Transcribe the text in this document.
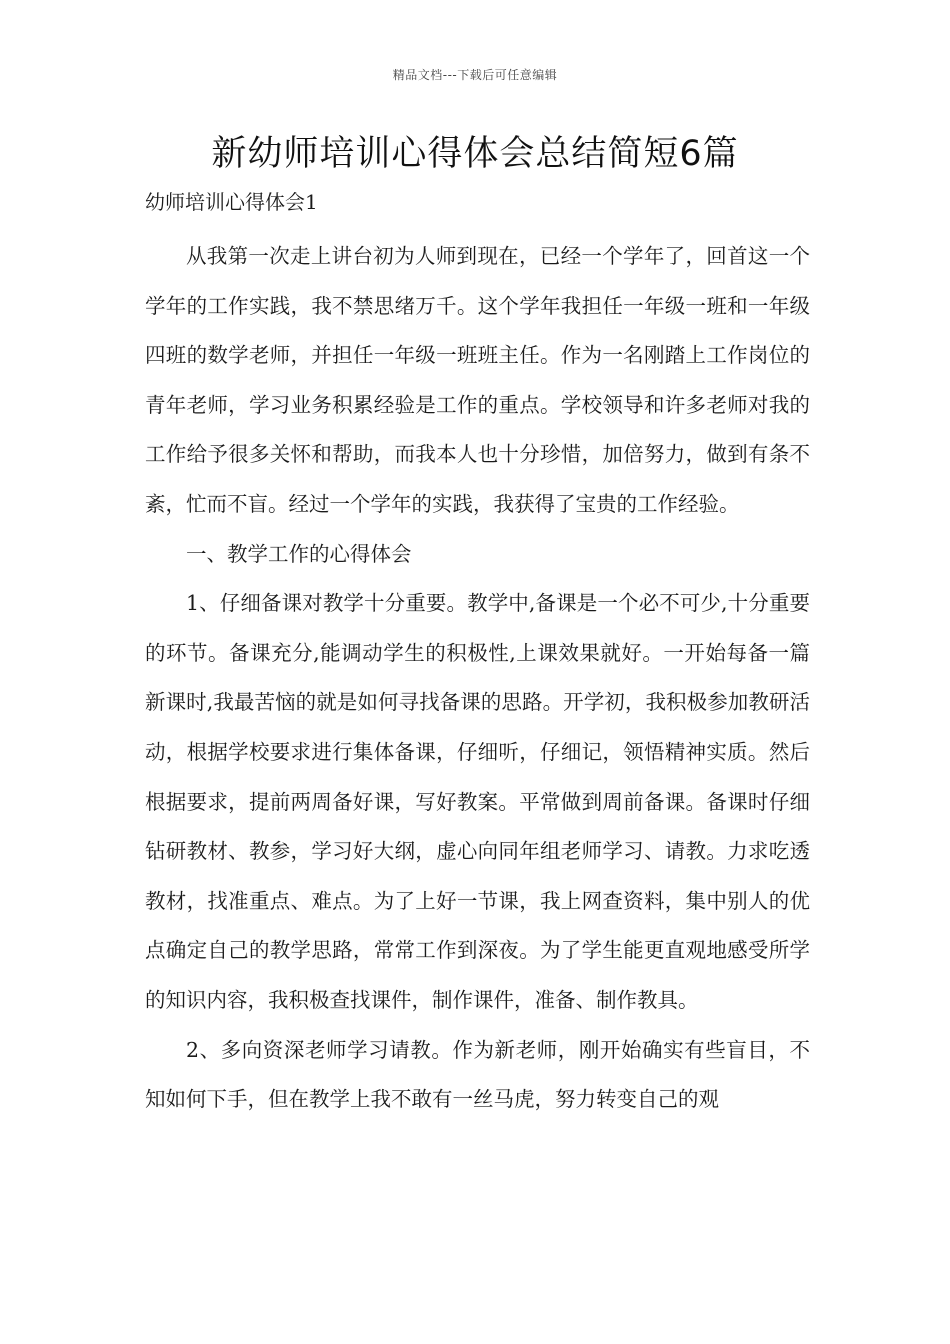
精品文档---下载后可任意编辑
新幼师培训心得体会总结简短6篇
幼师培训心得体会1

从我第一次走上讲台初为人师到现在，已经一个学年了，回首这一个学年的工作实践，我不禁思绪万千。这个学年我担任一年级一班和一年级四班的数学老师，并担任一年级一班班主任。作为一名刚踏上工作岗位的青年老师，学习业务积累经验是工作的重点。学校领导和许多老师对我的工作给予很多关怀和帮助，而我本人也十分珍惜，加倍努力，做到有条不紊，忙而不盲。经过一个学年的实践，我获得了宝贵的工作经验。

一、教学工作的心得体会

1、仔细备课对教学十分重要。教学中,备课是一个必不可少,十分重要的环节。备课充分,能调动学生的积极性,上课效果就好。一开始每备一篇新课时,我最苦恼的就是如何寻找备课的思路。开学初，我积极参加教研活动，根据学校要求进行集体备课，仔细听，仔细记，领悟精神实质。然后根据要求，提前两周备好课，写好教案。平常做到周前备课。备课时仔细钻研教材、教参，学习好大纲，虚心向同年组老师学习、请教。力求吃透教材，找准重点、难点。为了上好一节课，我上网查资料，集中别人的优点确定自己的教学思路，常常工作到深夜。为了学生能更直观地感受所学的知识内容，我积极查找课件，制作课件，准备、制作教具。

2、多向资深老师学习请教。作为新老师，刚开始确实有些盲目，不知如何下手，但在教学上我不敢有一丝马虎，努力转变自己的观
